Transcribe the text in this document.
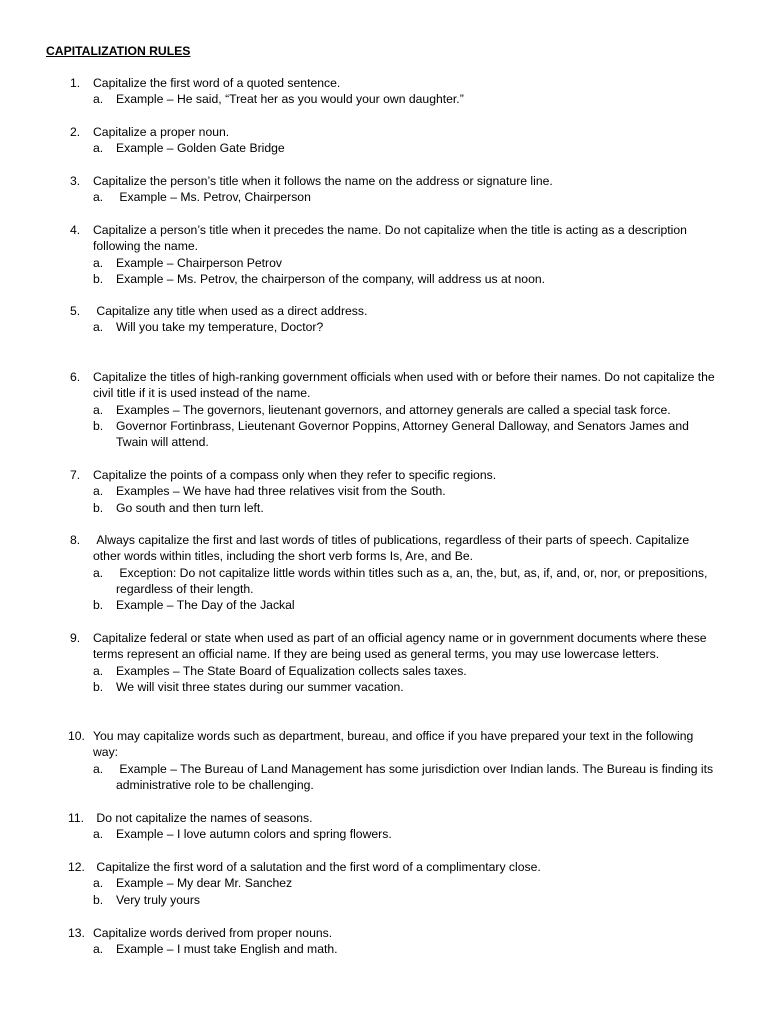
CAPITALIZATION RULES
1.	Capitalize the first word of a quoted sentence.
a. Example – He said, “Treat her as you would your own daughter.”
2.	Capitalize a proper noun.
a. Example – Golden Gate Bridge
3.	Capitalize the person’s title when it follows the name on the address or signature line.
a. Example – Ms. Petrov, Chairperson
4.	Capitalize a person’s title when it precedes the name. Do not capitalize when the title is acting as a description following the name.
a. Example – Chairperson Petrov
b. Example – Ms. Petrov, the chairperson of the company, will address us at noon.
5.	Capitalize any title when used as a direct address.
a. Will you take my temperature, Doctor?
6.	Capitalize the titles of high-ranking government officials when used with or before their names. Do not capitalize the civil title if it is used instead of the name.
a. Examples – The governors, lieutenant governors, and attorney generals are called a special task force.
b. Governor Fortinbrass, Lieutenant Governor Poppins, Attorney General Dalloway, and Senators James and Twain will attend.
7.	Capitalize the points of a compass only when they refer to specific regions.
a. Examples – We have had three relatives visit from the South.
b. Go south and then turn left.
8.	Always capitalize the first and last words of titles of publications, regardless of their parts of speech. Capitalize other words within titles, including the short verb forms Is, Are, and Be.
a. Exception: Do not capitalize little words within titles such as a, an, the, but, as, if, and, or, nor, or prepositions, regardless of their length.
b. Example – The Day of the Jackal
9.	Capitalize federal or state when used as part of an official agency name or in government documents where these terms represent an official name. If they are being used as general terms, you may use lowercase letters.
a. Examples – The State Board of Equalization collects sales taxes.
b. We will visit three states during our summer vacation.
10. You may capitalize words such as department, bureau, and office if you have prepared your text in the following way:
a. Example – The Bureau of Land Management has some jurisdiction over Indian lands. The Bureau is finding its administrative role to be challenging.
11. Do not capitalize the names of seasons.
a. Example – I love autumn colors and spring flowers.
12. Capitalize the first word of a salutation and the first word of a complimentary close.
a. Example – My dear Mr. Sanchez
b. Very truly yours
13. Capitalize words derived from proper nouns.
a. Example – I must take English and math.
